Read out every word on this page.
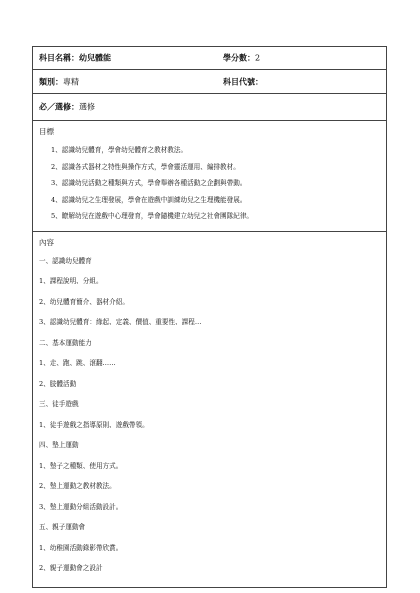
科目名稱：幼兒體能	學分數：2
類別：專精	科目代號：
必／選修：選修
目標
1、認識幼兒體育，學會幼兒體育之教材教法。
2、認識各式器材之特性與操作方式，學會靈活運用、編排教材。
3、認識幼兒活動之種類與方式，學會舉辦各種活動之企劃與帶動。
4、認識幼兒之生理發展，學會在遊戲中訓練幼兒之生理機能發展。
5、瞭解幼兒在遊戲中心理發育，學會隨機建立幼兒之社會團隊紀律。
內容
一、認識幼兒體育
1、課程說明、分組。
2、幼兒體育簡介、器材介紹。
3、認識幼兒體育：緣起、定義、價值、重要性、課程…
二、基本運動能力
1、走、跑、跳、滾翻……
2、肢體活動
三、徒手遊戲
1、徒手遊戲之指導原則、遊戲帶領。
四、墊上運動
1、墊子之種類、使用方式。
2、墊上運動之教材教法。
3、墊上運動分組活動設計。
五、親子運動會
1、幼稚園活動錄影帶欣賞。
2、親子運動會之設計
